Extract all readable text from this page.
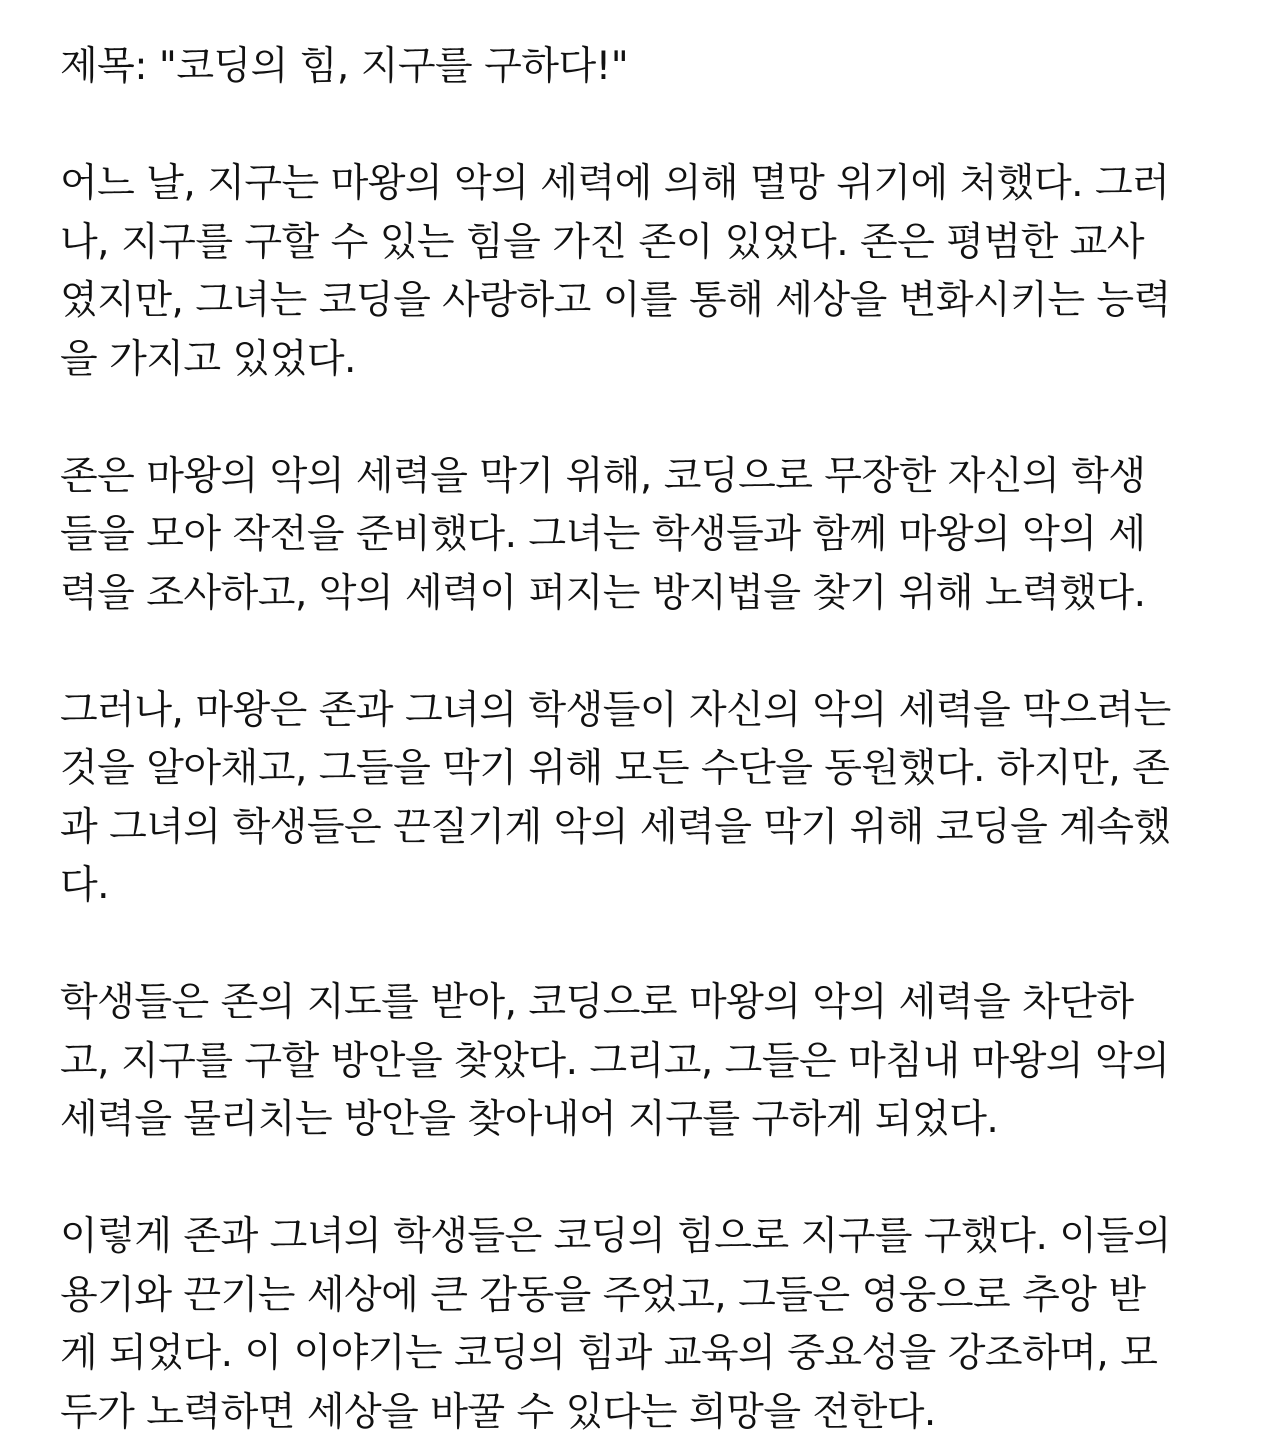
제목: "코딩의 힘, 지구를 구하다!"

어느 날, 지구는 마왕의 악의 세력에 의해 멸망 위기에 처했다. 그러
나, 지구를 구할 수 있는 힘을 가진 존이 있었다. 존은 평범한 교사
였지만, 그녀는 코딩을 사랑하고 이를 통해 세상을 변화시키는 능력
을 가지고 있었다.

존은 마왕의 악의 세력을 막기 위해, 코딩으로 무장한 자신의 학생
들을 모아 작전을 준비했다. 그녀는 학생들과 함께 마왕의 악의 세
력을 조사하고, 악의 세력이 퍼지는 방지법을 찾기 위해 노력했다.

그러나, 마왕은 존과 그녀의 학생들이 자신의 악의 세력을 막으려는
것을 알아채고, 그들을 막기 위해 모든 수단을 동원했다. 하지만, 존
과 그녀의 학생들은 끈질기게 악의 세력을 막기 위해 코딩을 계속했
다.

학생들은 존의 지도를 받아, 코딩으로 마왕의 악의 세력을 차단하
고, 지구를 구할 방안을 찾았다. 그리고, 그들은 마침내 마왕의 악의
세력을 물리치는 방안을 찾아내어 지구를 구하게 되었다.

이렇게 존과 그녀의 학생들은 코딩의 힘으로 지구를 구했다. 이들의
용기와 끈기는 세상에 큰 감동을 주었고, 그들은 영웅으로 추앙 받
게 되었다. 이 이야기는 코딩의 힘과 교육의 중요성을 강조하며, 모
두가 노력하면 세상을 바꿀 수 있다는 희망을 전한다.
